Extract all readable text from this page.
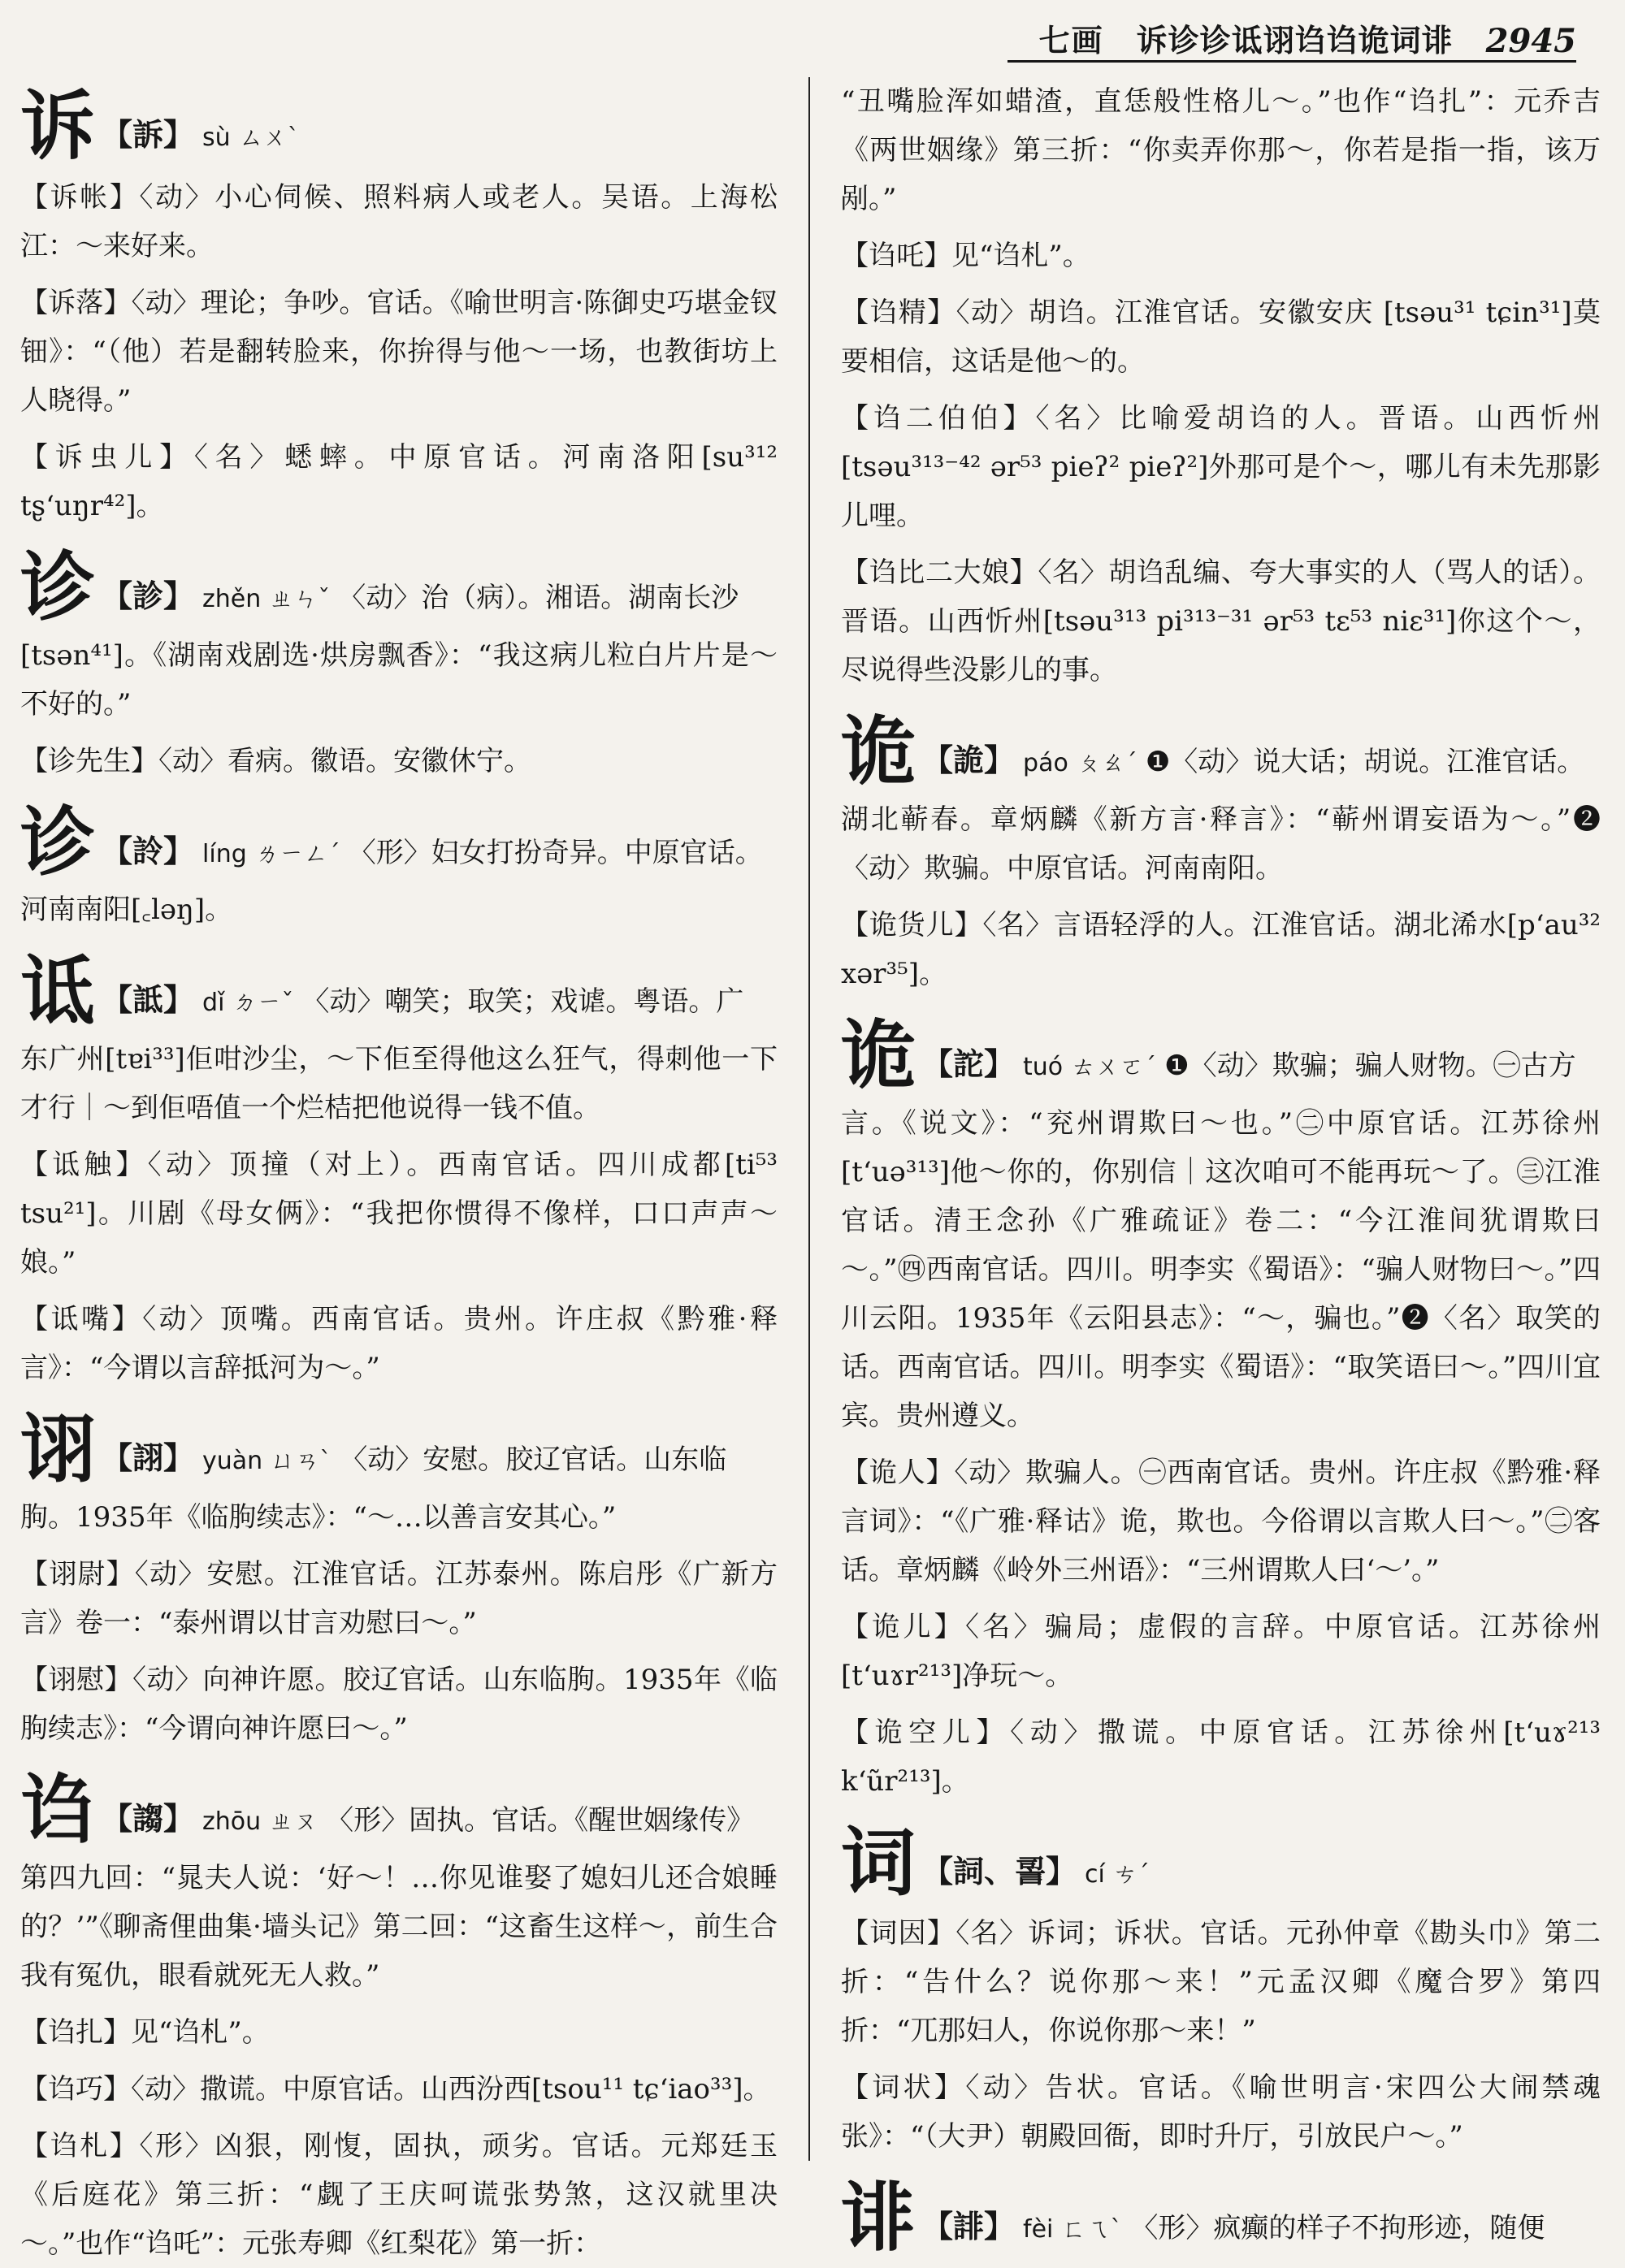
七画 诉诊诊诋诩诌诌诡词诽 2945

诉 【訴】 sù ㄙㄨˋ

【诉帐】〈动〉小心伺候、照料病人或老人。吴语。上海松江：～来好来。

【诉落】〈动〉理论；争吵。官话。《喻世明言·陈御史巧堪金钗钿》：“（他）若是翻转脸来，你拚得与他～一场，也教街坊上人晓得。”

【诉虫儿】〈名〉蟋蟀。中原官话。河南洛阳[su³¹² tʂ‘uŋr⁴²]。

诊 【診】 zhěn ㄓㄣˇ 〈动〉治（病）。湘语。湖南长沙

[tsən⁴¹]。《湖南戏剧选·烘房飘香》：“我这病儿粒白片片是～不好的。”

【诊先生】〈动〉看病。徽语。安徽休宁。

诊 【詅】 líng ㄌㄧㄥˊ 〈形〉妇女打扮奇异。中原官话。

河南南阳[꜀ləŋ]。

诋 【詆】 dǐ ㄉㄧˇ 〈动〉嘲笑；取笑；戏谑。粤语。广

东广州[tɐi³³]佢咁沙尘，～下佢至得他这么狂气，得刺他一下才行｜～到佢唔值一个烂桔把他说得一钱不值。

【诋触】〈动〉顶撞（对上）。西南官话。四川成都[ti⁵³ tsu²¹]。川剧《母女俩》：“我把你惯得不像样，口口声声～娘。”

【诋嘴】〈动〉顶嘴。西南官话。贵州。许庄叔《黔雅·释言》：“今谓以言辞抵河为～。”

诩 【詡】 yuàn ㄩㄢˋ 〈动〉安慰。胶辽官话。山东临

朐。1935年《临朐续志》：“～…以善言安其心。”

【诩尉】〈动〉安慰。江淮官话。江苏泰州。陈启彤《广新方言》卷一：“泰州谓以甘言劝慰曰～。”

【诩慰】〈动〉向神许愿。胶辽官话。山东临朐。1935年《临朐续志》：“今谓向神许愿曰～。”

诌 【謅】 zhōu ㄓㄡ 〈形〉固执。官话。《醒世姻缘传》

第四九回：“晁夫人说：‘好～！…你见谁娶了媳妇儿还合娘睡的？’”《聊斋俚曲集·墙头记》第二回：“这畜生这样～，前生合我有冤仇，眼看就死无人救。”

【诌扎】见“诌札”。

【诌巧】〈动〉撒谎。中原官话。山西汾西[tsou¹¹ tɕ‘iao³³]。

【诌札】〈形〉凶狠，刚愎，固执，顽劣。官话。元郑廷玉《后庭花》第三折：“觑了王庆呵谎张势煞，这汉就里决～。”也作“诌吒”：元张寿卿《红梨花》第一折：

“丑嘴脸浑如蜡渣，直恁般性格儿～。”也作“诌扎”：元乔吉《两世姻缘》第三折：“你卖弄你那～，你若是指一指，该万剐。”

【诌吒】见“诌札”。

【诌精】〈动〉胡诌。江淮官话。安徽安庆 [tsəu³¹ tɕin³¹]莫要相信，这话是他～的。

【诌二伯伯】〈名〉比喻爱胡诌的人。晋语。山西忻州[tsəu³¹³⁻⁴² ər⁵³ pieʔ² pieʔ²]外那可是个～，哪儿有未先那影儿哩。

【诌比二大娘】〈名〉胡诌乱编、夸大事实的人（骂人的话）。晋语。山西忻州[tsəu³¹³ pi³¹³⁻³¹ ər⁵³ tɛ⁵³ niɛ³¹]你这个～，尽说得些没影儿的事。

诡 【詭】 páo ㄆㄠˊ ❶〈动〉说大话；胡说。江淮官话。

湖北蕲春。章炳麟《新方言·释言》：“蕲州谓妄语为～。”❷〈动〉欺骗。中原官话。河南南阳。

【诡货儿】〈名〉言语轻浮的人。江淮官话。湖北浠水[p‘au³² xər³⁵]。

诡 【詑】 tuó ㄊㄨㄛˊ ❶〈动〉欺骗；骗人财物。㊀古方

言。《说文》：“兖州谓欺曰～也。”㊁中原官话。江苏徐州[t‘uə³¹³]他～你的，你别信｜这次咱可不能再玩～了。㊂江淮官话。清王念孙《广雅疏证》卷二：“今江淮间犹谓欺曰～。”㊃西南官话。四川。明李实《蜀语》：“骗人财物曰～。”四川云阳。1935年《云阳县志》：“～，骗也。”❷〈名〉取笑的话。西南官话。四川。明李实《蜀语》：“取笑语曰～。”四川宜宾。贵州遵义。

【诡人】〈动〉欺骗人。㊀西南官话。贵州。许庄叔《黔雅·释言词》：“《广雅·释诂》诡，欺也。今俗谓以言欺人曰～。”㊁客话。章炳麟《岭外三州语》：“三州谓欺人曰‘～’。”

【诡儿】〈名〉骗局；虚假的言辞。中原官话。江苏徐州[t‘uɤr²¹³]净玩～。

【诡空儿】〈动〉撒谎。中原官话。江苏徐州[t‘uɤ²¹³ k‘ũr²¹³]。

词 【詞、䛐】 cí ㄘˊ

【词因】〈名〉诉词；诉状。官话。元孙仲章《勘头巾》第二折：“告什么？说你那～来！”元孟汉卿《魔合罗》第四折：“兀那妇人，你说你那～来！”

【词状】〈动〉告状。官话。《喻世明言·宋四公大闹禁魂张》：“（大尹）朝殿回衙，即时升厅，引放民户～。”

诽 【誹】 fèi ㄈㄟˋ 〈形〉疯癫的样子不拘形迹，随便
